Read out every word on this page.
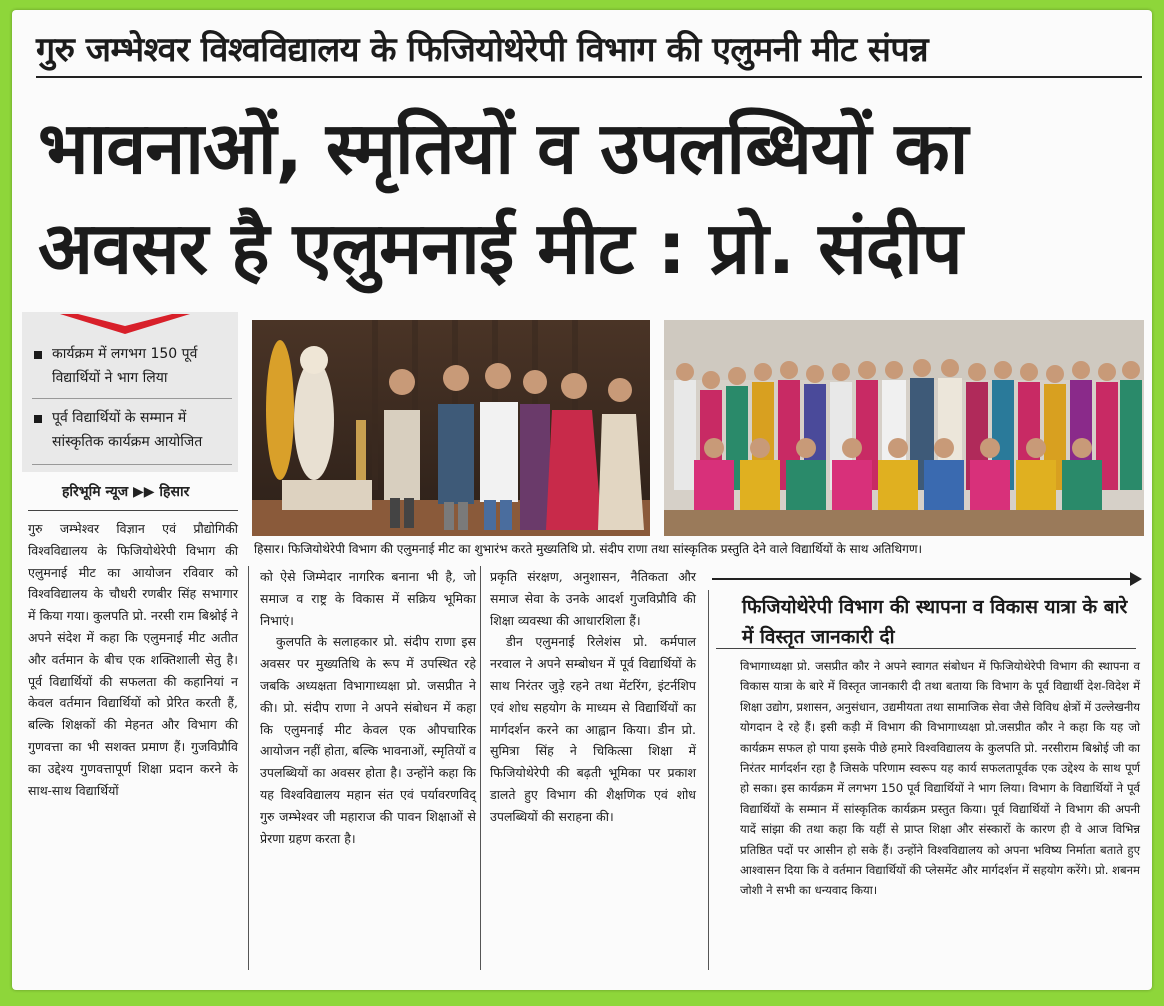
गुरु जम्भेश्वर विश्वविद्यालय के फिजियोथेरेपी विभाग की एलुमनी मीट संपन्न
भावनाओं, स्मृतियों व उपलब्धियों का
अवसर है एलुमनाई मीट : प्रो. संदीप
कार्यक्रम में लगभग 150 पूर्व विद्यार्थियों ने भाग लिया
पूर्व विद्यार्थियों के सम्मान में सांस्कृतिक कार्यक्रम आयोजित
हरिभूमि न्यूज ▶▶ हिसार
हिसार। फिजियोथेरेपी विभाग की एलुमनाई मीट का शुभारंभ करते मुख्यतिथि प्रो. संदीप राणा तथा सांस्कृतिक प्रस्तुति देने वाले विद्यार्थियों के साथ अतिथिगण।

गुरु जम्भेश्वर विज्ञान एवं प्रौद्योगिकी विश्वविद्यालय के फिजियोथेरेपी विभाग की एलुमनाई मीट का आयोजन रविवार को विश्वविद्यालय के चौधरी रणबीर सिंह सभागार में किया गया। कुलपति प्रो. नरसी राम बिश्नोई ने अपने संदेश में कहा कि एलुमनाई मीट अतीत और वर्तमान के बीच एक शक्तिशाली सेतु है। पूर्व विद्यार्थियों की सफलता की कहानियां न केवल वर्तमान विद्यार्थियों को प्रेरित करती हैं, बल्कि शिक्षकों की मेहनत और विभाग की गुणवत्ता का भी सशक्त प्रमाण हैं। गुजविप्रौवि का उद्देश्य गुणवत्तापूर्ण शिक्षा प्रदान करने के साथ-साथ विद्यार्थियों

को ऐसे जिम्मेदार नागरिक बनाना भी है, जो समाज व राष्ट्र के विकास में सक्रिय भूमिका निभाएं।

कुलपति के सलाहकार प्रो. संदीप राणा इस अवसर पर मुख्यतिथि के रूप में उपस्थित रहे जबकि अध्यक्षता विभागाध्यक्षा प्रो. जसप्रीत ने की। प्रो. संदीप राणा ने अपने संबोधन में कहा कि एलुमनाई मीट केवल एक औपचारिक आयोजन नहीं होता, बल्कि भावनाओं, स्मृतियों व उपलब्धियों का अवसर होता है। उन्होंने कहा कि यह विश्वविद्यालय महान संत एवं पर्यावरणविद् गुरु जम्भेश्वर जी महाराज की पावन शिक्षाओं से प्रेरणा ग्रहण करता है।

प्रकृति संरक्षण, अनुशासन, नैतिकता और समाज सेवा के उनके आदर्श गुजविप्रौवि की शिक्षा व्यवस्था की आधारशिला हैं।

डीन एलुमनाई रिलेशंस प्रो. कर्मपाल नरवाल ने अपने सम्बोधन में पूर्व विद्यार्थियों के साथ निरंतर जुड़े रहने तथा मेंटरिंग, इंटर्नशिप एवं शोध सहयोग के माध्यम से विद्यार्थियों का मार्गदर्शन करने का आह्वान किया। डीन प्रो. सुमित्रा सिंह ने चिकित्सा शिक्षा में फिजियोथेरेपी की बढ़ती भूमिका पर प्रकाश डालते हुए विभाग की शैक्षणिक एवं शोध उपलब्धियों की सराहना की।

फिजियोथेरेपी विभाग की स्थापना व विकास यात्रा के बारे में विस्तृत जानकारी दी

विभागाध्यक्षा प्रो. जसप्रीत कौर ने अपने स्वागत संबोधन में फिजियोथेरेपी विभाग की स्थापना व विकास यात्रा के बारे में विस्तृत जानकारी दी तथा बताया कि विभाग के पूर्व विद्यार्थी देश-विदेश में शिक्षा उद्योग, प्रशासन, अनुसंधान, उद्यमीयता तथा सामाजिक सेवा जैसे विविध क्षेत्रों में उल्लेखनीय योगदान दे रहे हैं। इसी कड़ी में विभाग की विभागाध्यक्षा प्रो.जसप्रीत कौर ने कहा कि यह जो कार्यक्रम सफल हो पाया इसके पीछे हमारे विश्वविद्यालय के कुलपति प्रो. नरसीराम बिश्नोई जी का निरंतर मार्गदर्शन रहा है जिसके परिणाम स्वरूप यह कार्य सफलतापूर्वक एक उद्देश्य के साथ पूर्ण हो सका। इस कार्यक्रम में लगभग 150 पूर्व विद्यार्थियों ने भाग लिया। विभाग के विद्यार्थियों ने पूर्व विद्यार्थियों के सम्मान में सांस्कृतिक कार्यक्रम प्रस्तुत किया। पूर्व विद्यार्थियों ने विभाग की अपनी यादें सांझा की तथा कहा कि यहीं से प्राप्त शिक्षा और संस्कारों के कारण ही वे आज विभिन्न प्रतिष्ठित पदों पर आसीन हो सके हैं। उन्होंने विश्वविद्यालय को अपना भविष्य निर्माता बताते हुए आश्वासन दिया कि वे वर्तमान विद्यार्थियों की प्लेसमेंट और मार्गदर्शन में सहयोग करेंगे। प्रो. शबनम जोशी ने सभी का धन्यवाद किया।
